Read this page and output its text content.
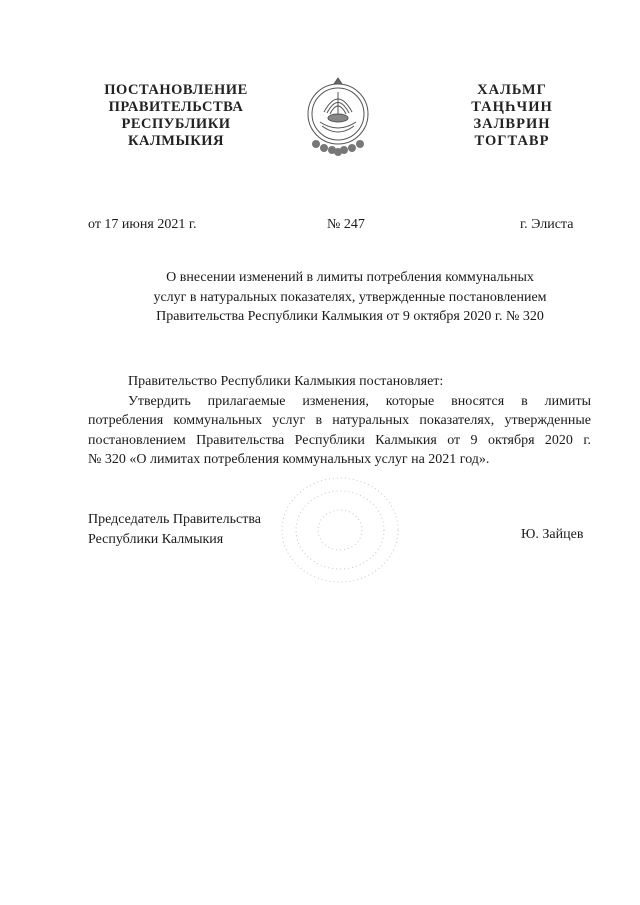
ПОСТАНОВЛЕНИЕ
ПРАВИТЕЛЬСТВА
РЕСПУБЛИКИ
КАЛМЫКИЯ
ХАЛЬМГ
ТАҢҺЧИН
ЗАЛВРИН
ТОГТАВР
от 17 июня 2021 г.	№ 247	г. Элиста
О внесении изменений в лимиты потребления коммунальных
услуг в натуральных показателях, утвержденные постановлением
Правительства Республики Калмыкия от 9 октября 2020 г. № 320
Правительство Республики Калмыкия постановляет:
Утвердить прилагаемые изменения, которые вносятся в лимиты
потребления коммунальных услуг в натуральных показателях, утвержденные
постановлением Правительства Республики Калмыкия от 9 октября 2020 г.
№ 320 «О лимитах потребления коммунальных услуг на 2021 год».
Председатель Правительства
Республики Калмыкия	Ю. Зайцев
